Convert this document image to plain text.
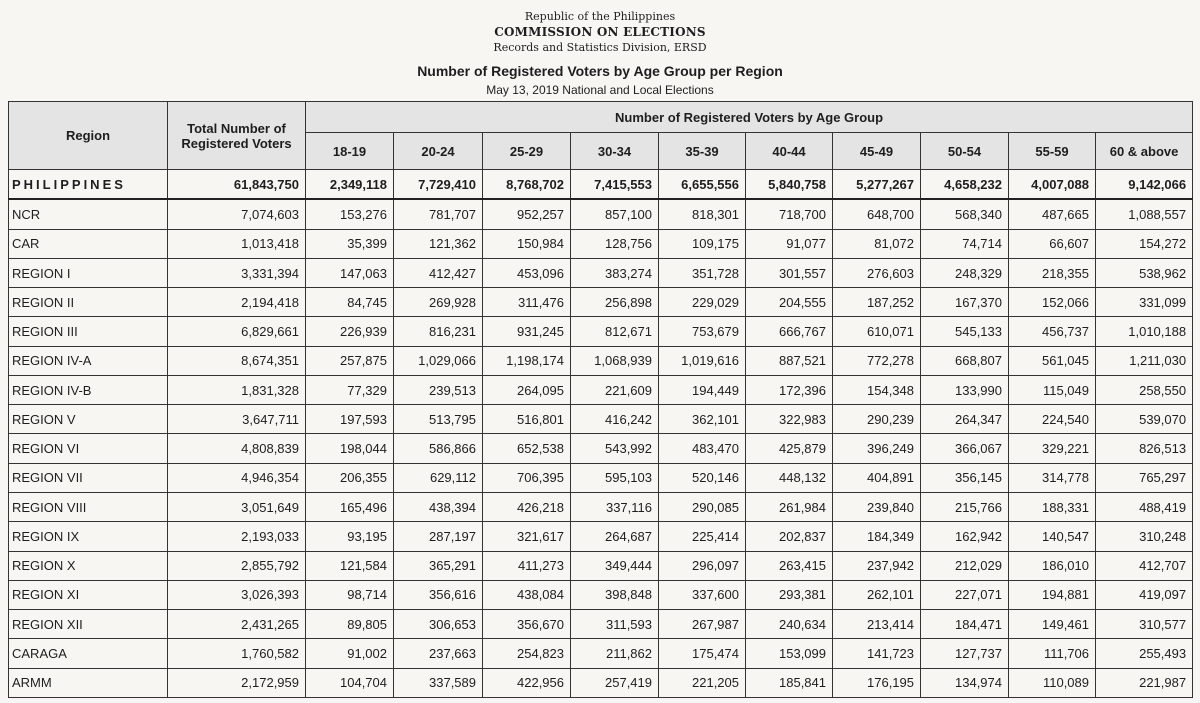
Republic of the Philippines
COMMISSION ON ELECTIONS
Records and Statistics Division, ERSD
Number of Registered Voters by Age Group per Region
May 13, 2019 National and Local Elections
Region	Total Number of Registered Voters	Number of Registered Voters by Age Group									
		18-19	20-24	25-29	30-34	35-39	40-44	45-49	50-54	55-59	60 & above
PHILIPPINES	61,843,750	2,349,118	7,729,410	8,768,702	7,415,553	6,655,556	5,840,758	5,277,267	4,658,232	4,007,088	9,142,066
NCR	7,074,603	153,276	781,707	952,257	857,100	818,301	718,700	648,700	568,340	487,665	1,088,557
CAR	1,013,418	35,399	121,362	150,984	128,756	109,175	91,077	81,072	74,714	66,607	154,272
REGION I	3,331,394	147,063	412,427	453,096	383,274	351,728	301,557	276,603	248,329	218,355	538,962
REGION II	2,194,418	84,745	269,928	311,476	256,898	229,029	204,555	187,252	167,370	152,066	331,099
REGION III	6,829,661	226,939	816,231	931,245	812,671	753,679	666,767	610,071	545,133	456,737	1,010,188
REGION IV-A	8,674,351	257,875	1,029,066	1,198,174	1,068,939	1,019,616	887,521	772,278	668,807	561,045	1,211,030
REGION IV-B	1,831,328	77,329	239,513	264,095	221,609	194,449	172,396	154,348	133,990	115,049	258,550
REGION V	3,647,711	197,593	513,795	516,801	416,242	362,101	322,983	290,239	264,347	224,540	539,070
REGION VI	4,808,839	198,044	586,866	652,538	543,992	483,470	425,879	396,249	366,067	329,221	826,513
REGION VII	4,946,354	206,355	629,112	706,395	595,103	520,146	448,132	404,891	356,145	314,778	765,297
REGION VIII	3,051,649	165,496	438,394	426,218	337,116	290,085	261,984	239,840	215,766	188,331	488,419
REGION IX	2,193,033	93,195	287,197	321,617	264,687	225,414	202,837	184,349	162,942	140,547	310,248
REGION X	2,855,792	121,584	365,291	411,273	349,444	296,097	263,415	237,942	212,029	186,010	412,707
REGION XI	3,026,393	98,714	356,616	438,084	398,848	337,600	293,381	262,101	227,071	194,881	419,097
REGION XII	2,431,265	89,805	306,653	356,670	311,593	267,987	240,634	213,414	184,471	149,461	310,577
CARAGA	1,760,582	91,002	237,663	254,823	211,862	175,474	153,099	141,723	127,737	111,706	255,493
ARMM	2,172,959	104,704	337,589	422,956	257,419	221,205	185,841	176,195	134,974	110,089	221,987
